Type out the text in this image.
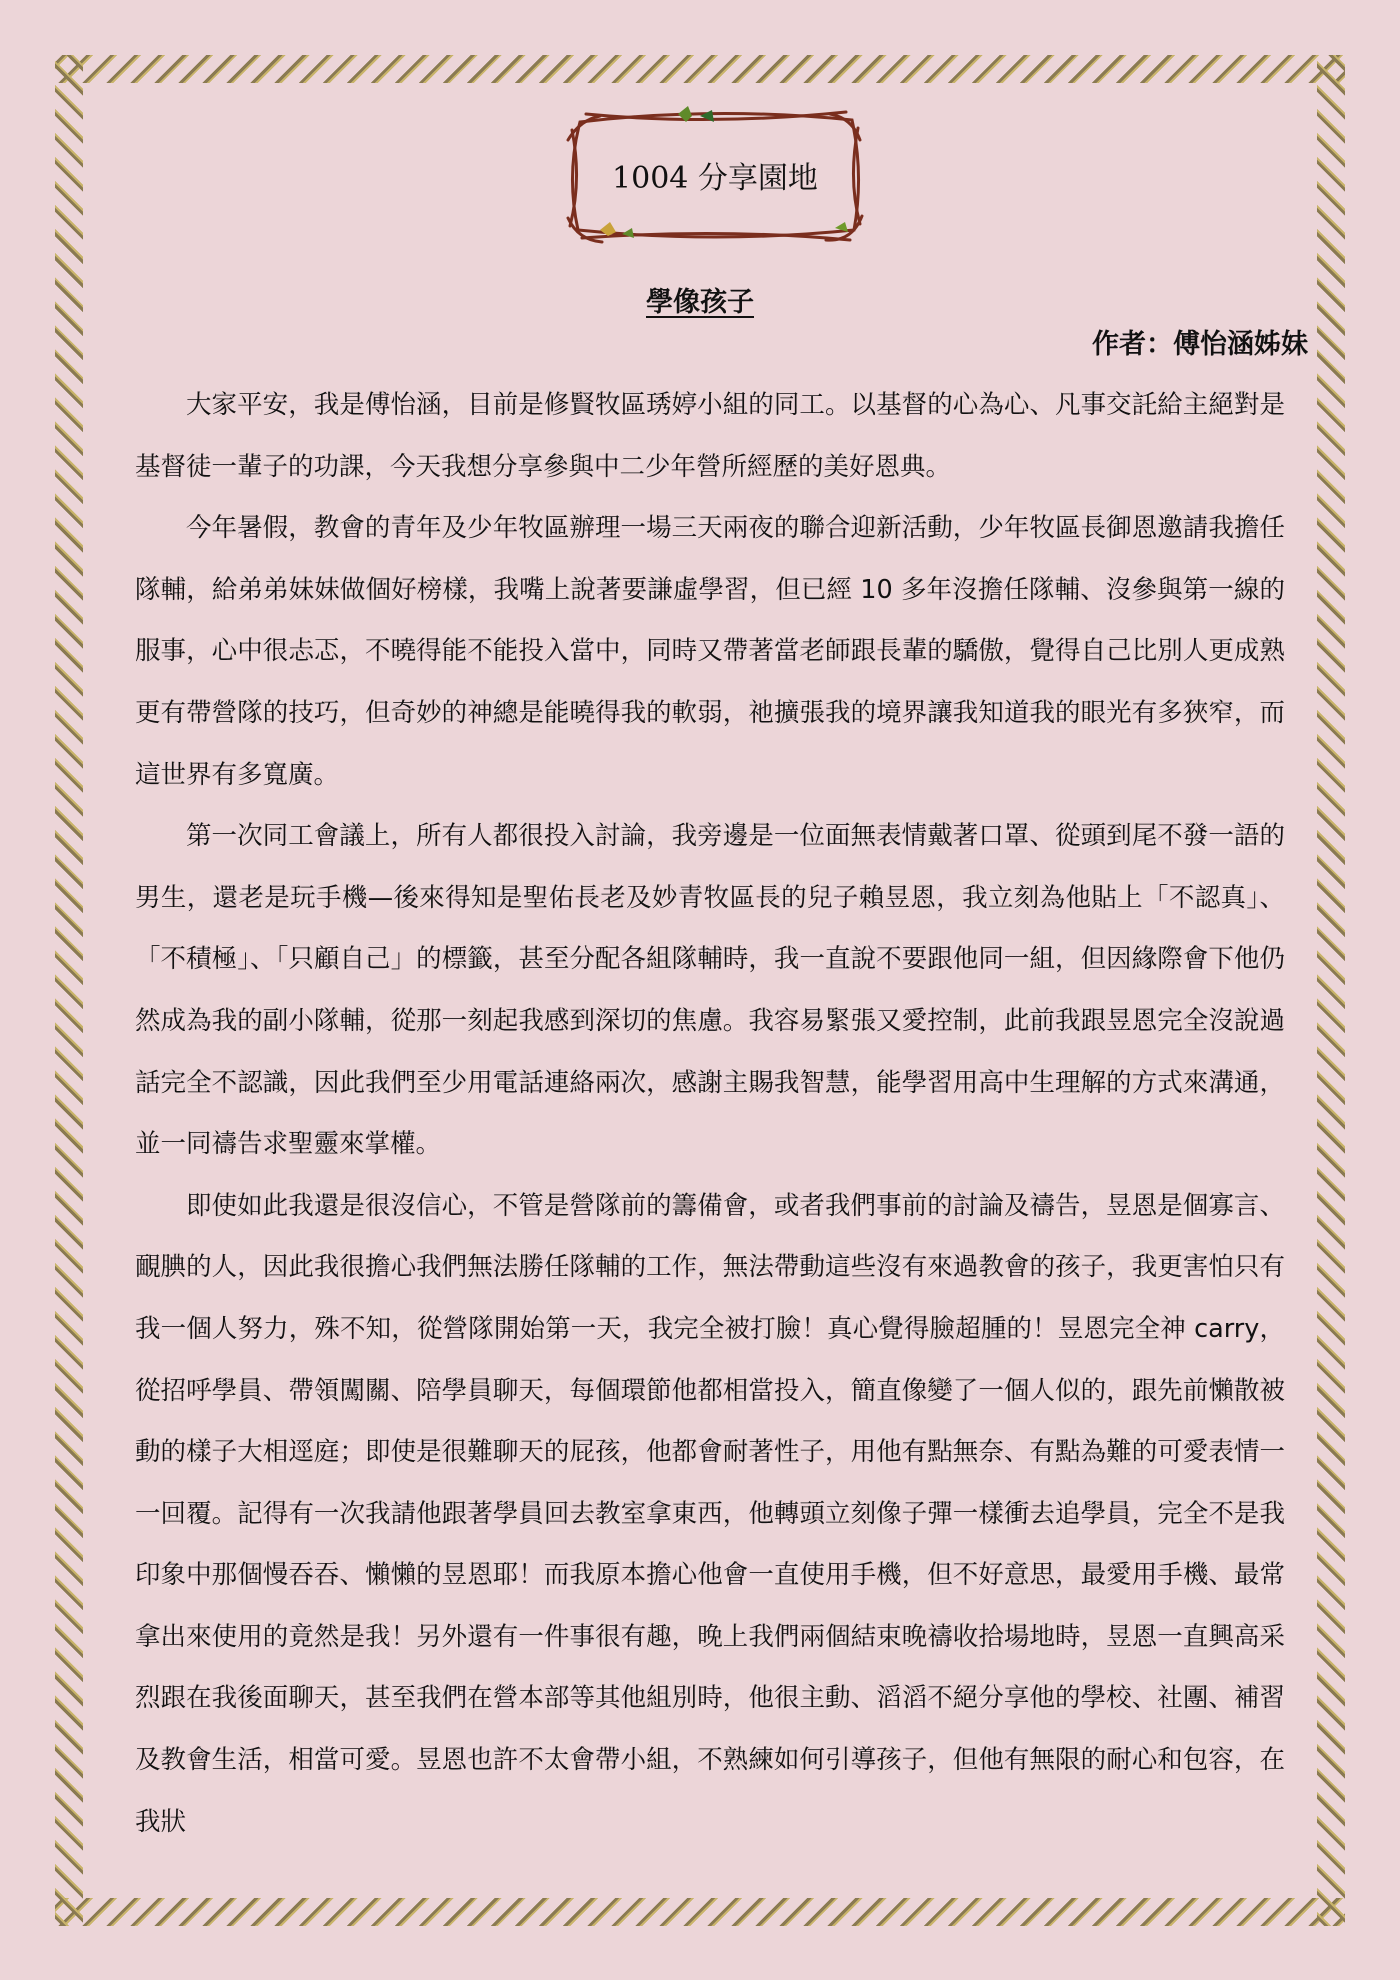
1004 分享園地
學像孩子
作者：傅怡涵姊妹

大家平安，我是傅怡涵，目前是修賢牧區琇婷小組的同工。以基督的心為心、凡事交託給主絕對是基督徒一輩子的功課，今天我想分享參與中二少年營所經歷的美好恩典。

今年暑假，教會的青年及少年牧區辦理一場三天兩夜的聯合迎新活動，少年牧區長御恩邀請我擔任隊輔，給弟弟妹妹做個好榜樣，我嘴上說著要謙虛學習，但已經 10 多年沒擔任隊輔、沒參與第一線的服事，心中很忐忑，不曉得能不能投入當中，同時又帶著當老師跟長輩的驕傲，覺得自己比別人更成熟更有帶營隊的技巧，但奇妙的神總是能曉得我的軟弱，祂擴張我的境界讓我知道我的眼光有多狹窄，而這世界有多寬廣。

第一次同工會議上，所有人都很投入討論，我旁邊是一位面無表情戴著口罩、從頭到尾不發一語的男生，還老是玩手機—後來得知是聖佑長老及妙青牧區長的兒子賴昱恩，我立刻為他貼上「不認真」、「不積極」、「只顧自己」的標籤，甚至分配各組隊輔時，我一直說不要跟他同一組，但因緣際會下他仍然成為我的副小隊輔，從那一刻起我感到深切的焦慮。我容易緊張又愛控制，此前我跟昱恩完全沒說過話完全不認識，因此我們至少用電話連絡兩次，感謝主賜我智慧，能學習用高中生理解的方式來溝通，並一同禱告求聖靈來掌權。

即使如此我還是很沒信心，不管是營隊前的籌備會，或者我們事前的討論及禱告，昱恩是個寡言、靦腆的人，因此我很擔心我們無法勝任隊輔的工作，無法帶動這些沒有來過教會的孩子，我更害怕只有我一個人努力，殊不知，從營隊開始第一天，我完全被打臉！真心覺得臉超腫的！昱恩完全神 carry，從招呼學員、帶領闖關、陪學員聊天，每個環節他都相當投入，簡直像變了一個人似的，跟先前懶散被動的樣子大相逕庭；即使是很難聊天的屁孩，他都會耐著性子，用他有點無奈、有點為難的可愛表情一一回覆。記得有一次我請他跟著學員回去教室拿東西，他轉頭立刻像子彈一樣衝去追學員，完全不是我印象中那個慢吞吞、懶懶的昱恩耶！而我原本擔心他會一直使用手機，但不好意思，最愛用手機、最常拿出來使用的竟然是我！另外還有一件事很有趣，晚上我們兩個結束晚禱收拾場地時，昱恩一直興高采烈跟在我後面聊天，甚至我們在營本部等其他組別時，他很主動、滔滔不絕分享他的學校、社團、補習及教會生活，相當可愛。昱恩也許不太會帶小組，不熟練如何引導孩子，但他有無限的耐心和包容，在我狀
